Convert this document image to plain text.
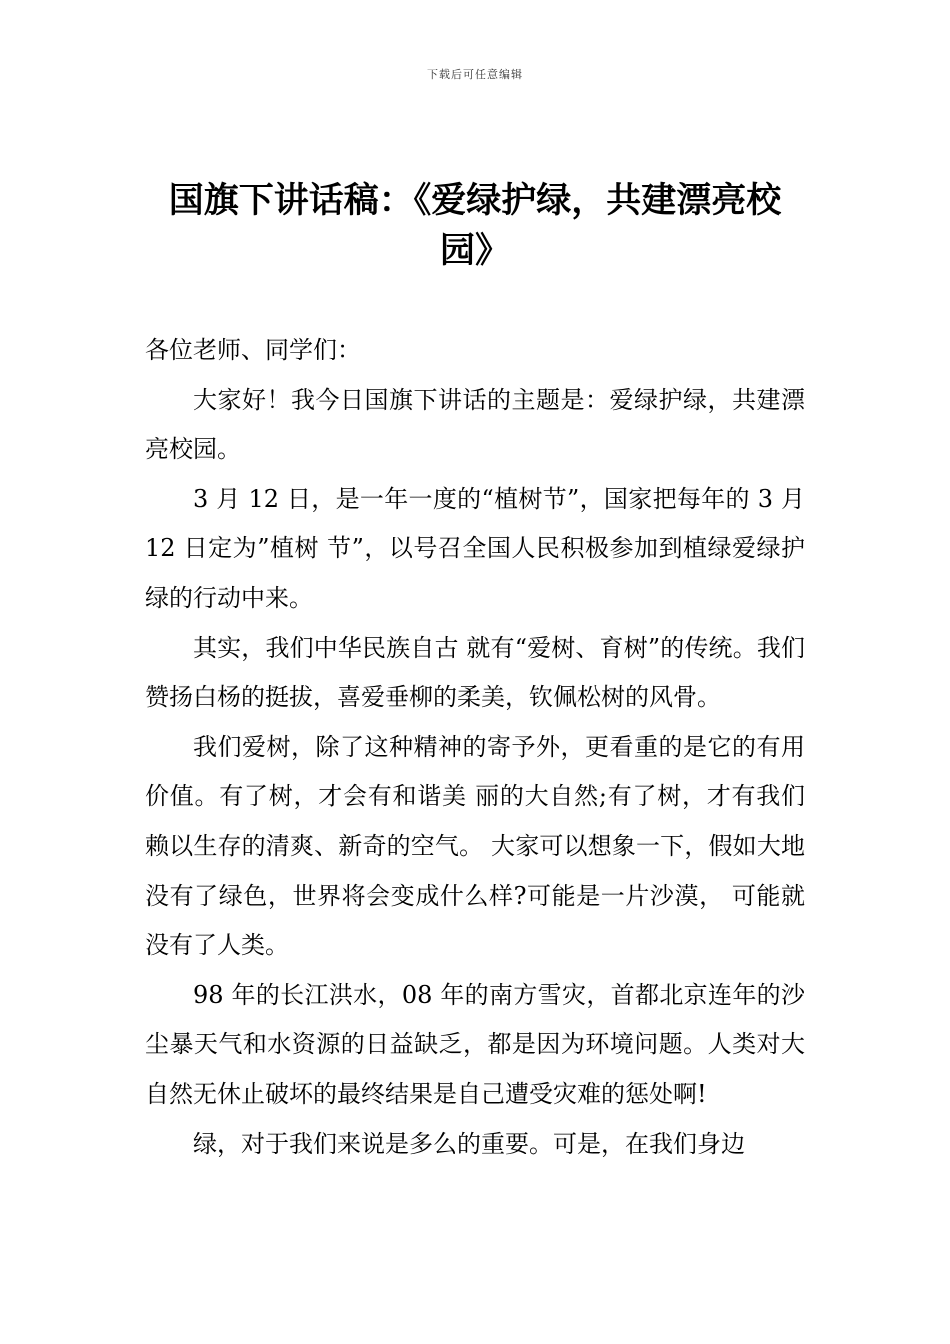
下载后可任意编辑
国旗下讲话稿：《爱绿护绿，共建漂亮校
园》

各位老师、同学们：

大家好！我今日国旗下讲话的主题是：爱绿护绿，共建漂亮校园。

3 月 12 日，是一年一度的“植树节”，国家把每年的 3 月 12 日定为”植树 节”，以号召全国人民积极参加到植绿爱绿护绿的行动中来。

其实，我们中华民族自古 就有“爱树、育树”的传统。我们赞扬白杨的挺拔，喜爱垂柳的柔美，钦佩松树的风骨。

我们爱树，除了这种精神的寄予外，更看重的是它的有用价值。有了树，才会有和谐美 丽的大自然;有了树，才有我们赖以生存的清爽、新奇的空气。 大家可以想象一下，假如大地没有了绿色，世界将会变成什么样?可能是一片沙漠， 可能就没有了人类。

98 年的长江洪水，08 年的南方雪灾，首都北京连年的沙尘暴天气和水资源的日益缺乏，都是因为环境问题。人类对大自然无休止破坏的最终结果是自己遭受灾难的惩处啊!

绿，对于我们来说是多么的重要。可是，在我们身边
